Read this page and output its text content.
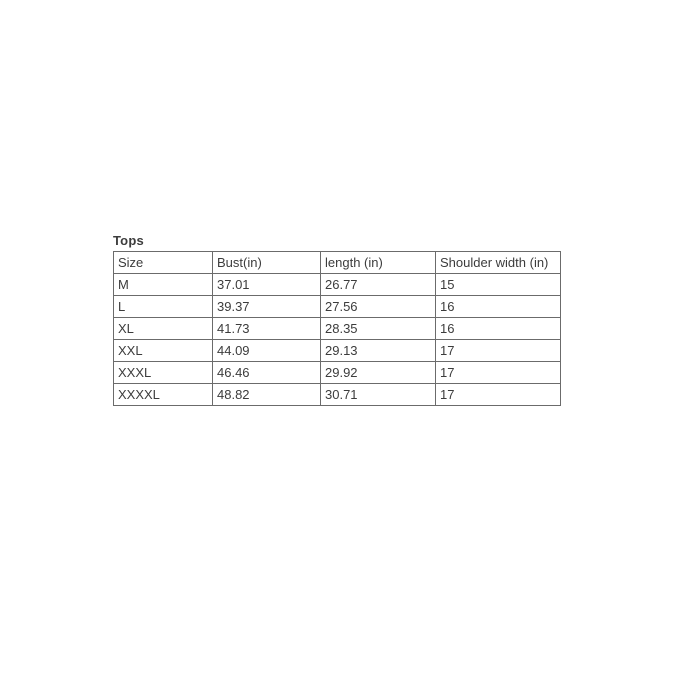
Tops
Size	Bust(in)	length (in)	Shoulder width (in)
M	37.01	26.77	15
L	39.37	27.56	16
XL	41.73	28.35	16
XXL	44.09	29.13	17
XXXL	46.46	29.92	17
XXXXL	48.82	30.71	17
